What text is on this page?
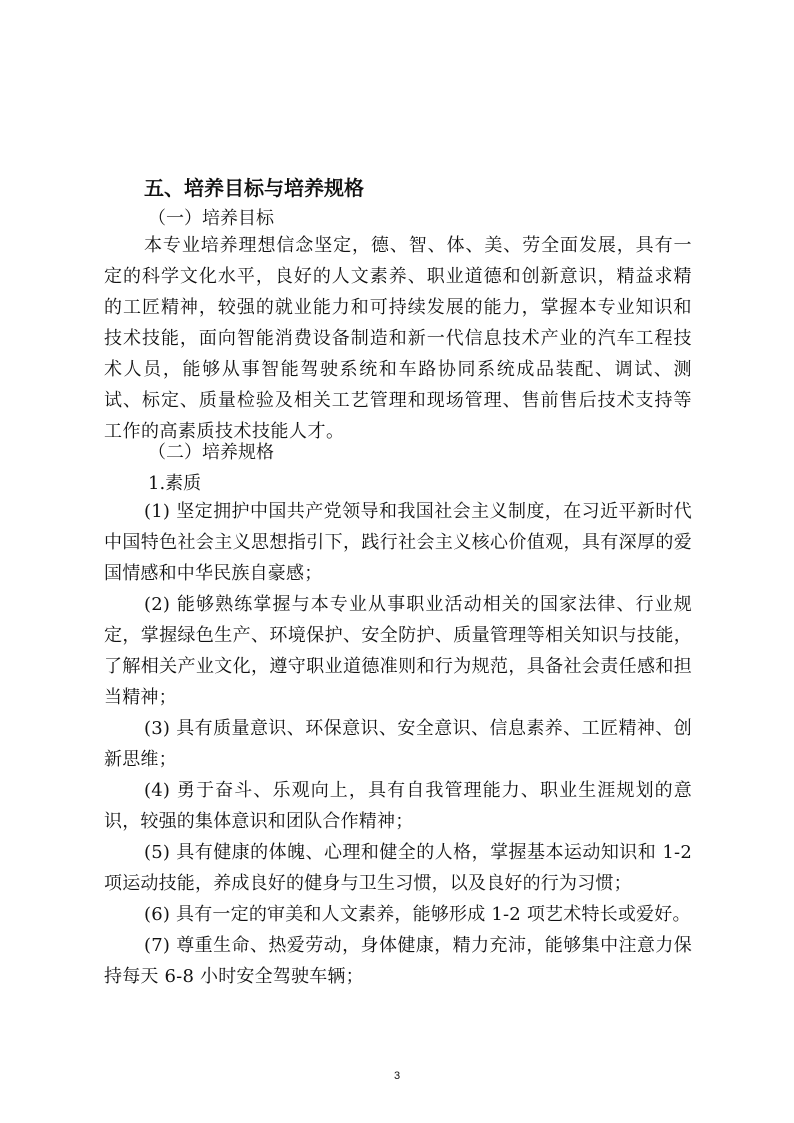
五、培养目标与培养规格
（一）培养目标
本专业培养理想信念坚定，德、智、体、美、劳全面发展，具有一定的科学文化水平，良好的人文素养、职业道德和创新意识，精益求精的工匠精神，较强的就业能力和可持续发展的能力，掌握本专业知识和技术技能，面向智能消费设备制造和新一代信息技术产业的汽车工程技术人员，能够从事智能驾驶系统和车路协同系统成品装配、调试、测试、标定、质量检验及相关工艺管理和现场管理、售前售后技术支持等工作的高素质技术技能人才。
（二）培养规格
1.素质
(1) 坚定拥护中国共产党领导和我国社会主义制度，在习近平新时代中国特色社会主义思想指引下，践行社会主义核心价值观，具有深厚的爱国情感和中华民族自豪感；
(2) 能够熟练掌握与本专业从事职业活动相关的国家法律、行业规定，掌握绿色生产、环境保护、安全防护、质量管理等相关知识与技能，了解相关产业文化，遵守职业道德准则和行为规范，具备社会责任感和担当精神；
(3) 具有质量意识、环保意识、安全意识、信息素养、工匠精神、创新思维；
(4) 勇于奋斗、乐观向上，具有自我管理能力、职业生涯规划的意识，较强的集体意识和团队合作精神；
(5) 具有健康的体魄、心理和健全的人格，掌握基本运动知识和 1-2 项运动技能，养成良好的健身与卫生习惯，以及良好的行为习惯；
(6) 具有一定的审美和人文素养，能够形成 1-2 项艺术特长或爱好。
(7) 尊重生命、热爱劳动，身体健康，精力充沛，能够集中注意力保持每天 6-8 小时安全驾驶车辆；
3
